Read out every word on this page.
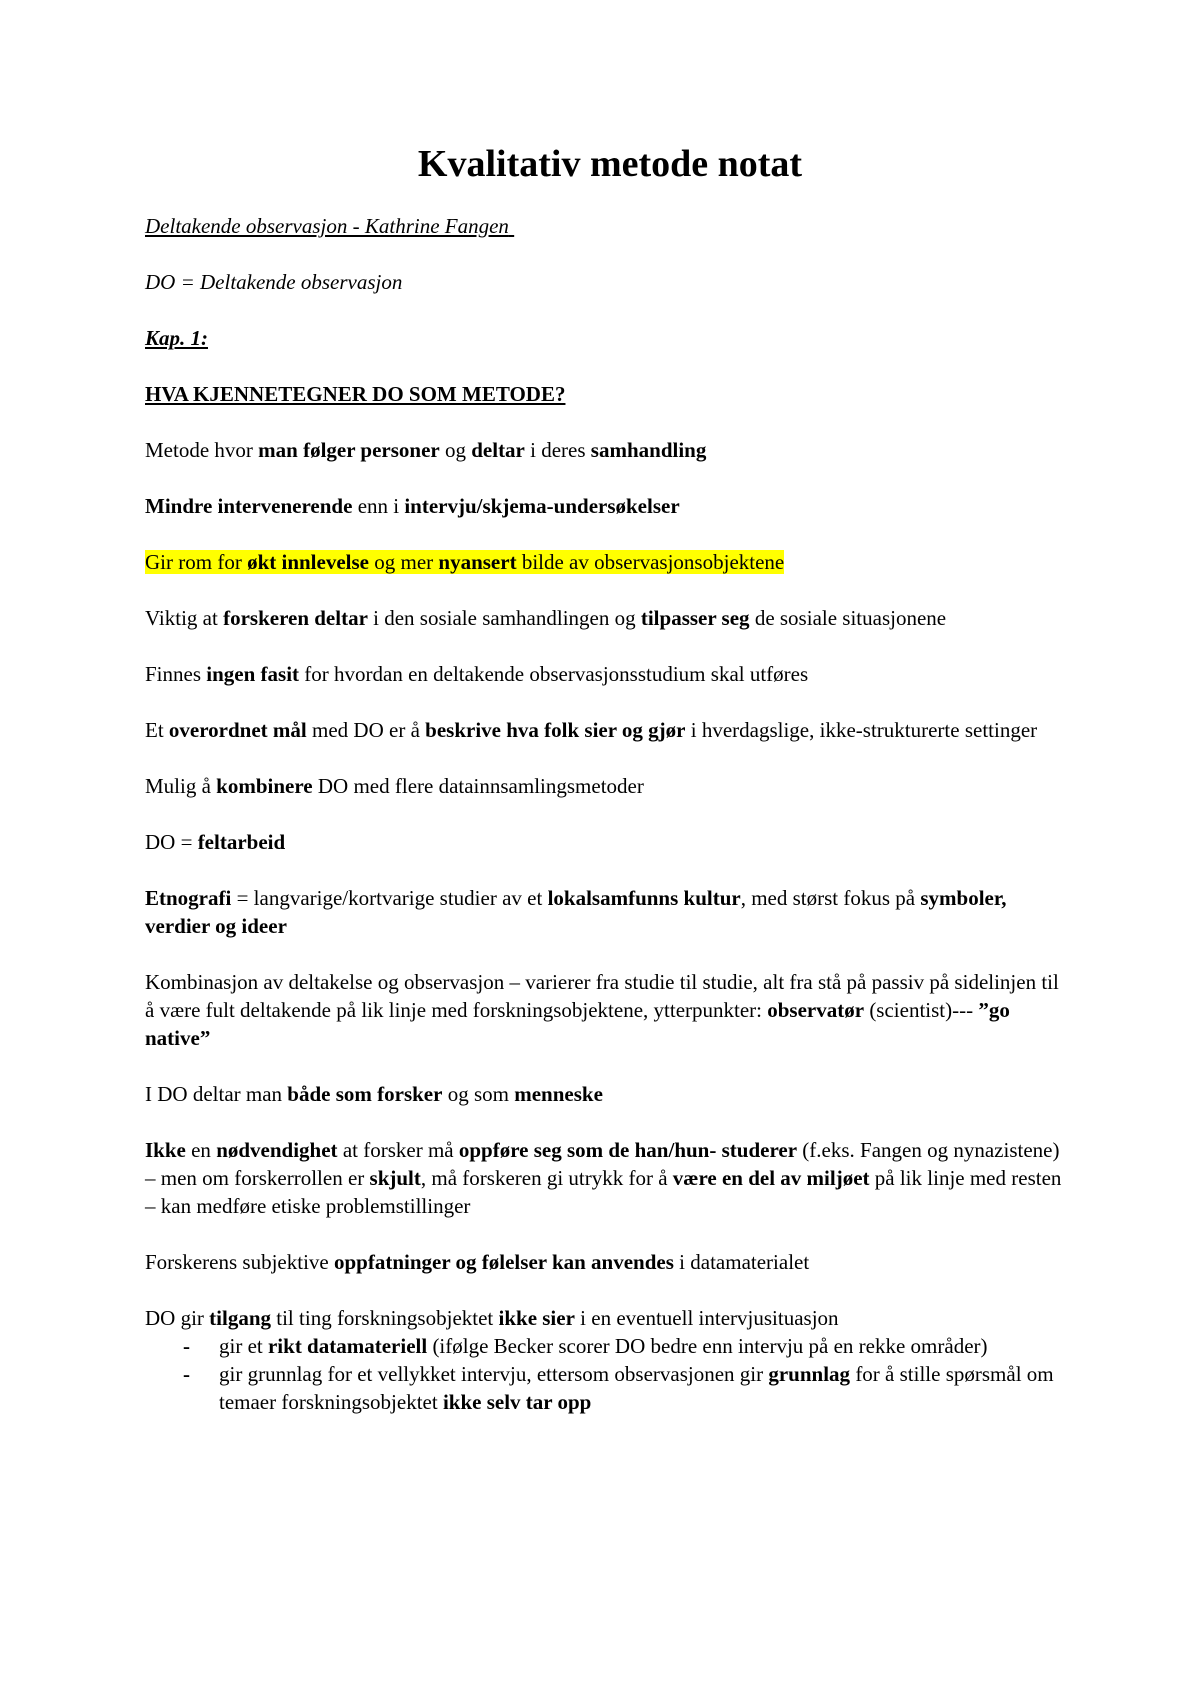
Kvalitativ metode notat

Deltakende observasjon - Kathrine Fangen

DO = Deltakende observasjon

Kap. 1:

HVA KJENNETEGNER DO SOM METODE?

Metode hvor man følger personer og deltar i deres samhandling

Mindre intervenerende enn i intervju/skjema-undersøkelser

Gir rom for økt innlevelse og mer nyansert bilde av observasjonsobjektene

Viktig at forskeren deltar i den sosiale samhandlingen og tilpasser seg de sosiale situasjonene

Finnes ingen fasit for hvordan en deltakende observasjonsstudium skal utføres

Et overordnet mål med DO er å beskrive hva folk sier og gjør i hverdagslige, ikke-strukturerte settinger

Mulig å kombinere DO med flere datainnsamlingsmetoder

DO = feltarbeid

Etnografi = langvarige/kortvarige studier av et lokalsamfunns kultur, med størst fokus på symboler, verdier og ideer

Kombinasjon av deltakelse og observasjon – varierer fra studie til studie, alt fra stå på passiv på sidelinjen til å være fult deltakende på lik linje med forskningsobjektene, ytterpunkter: observatør (scientist)--- ”go native”

I DO deltar man både som forsker og som menneske

Ikke en nødvendighet at forsker må oppføre seg som de han/hun- studerer (f.eks. Fangen og nynazistene) – men om forskerrollen er skjult, må forskeren gi utrykk for å være en del av miljøet på lik linje med resten – kan medføre etiske problemstillinger

Forskerens subjektive oppfatninger og følelser kan anvendes i datamaterialet

DO gir tilgang til ting forskningsobjektet ikke sier i en eventuell intervjusituasjon

- gir et rikt datamateriell (ifølge Becker scorer DO bedre enn intervju på en rekke områder)
- gir grunnlag for et vellykket intervju, ettersom observasjonen gir grunnlag for å stille spørsmål om temaer forskningsobjektet ikke selv tar opp
